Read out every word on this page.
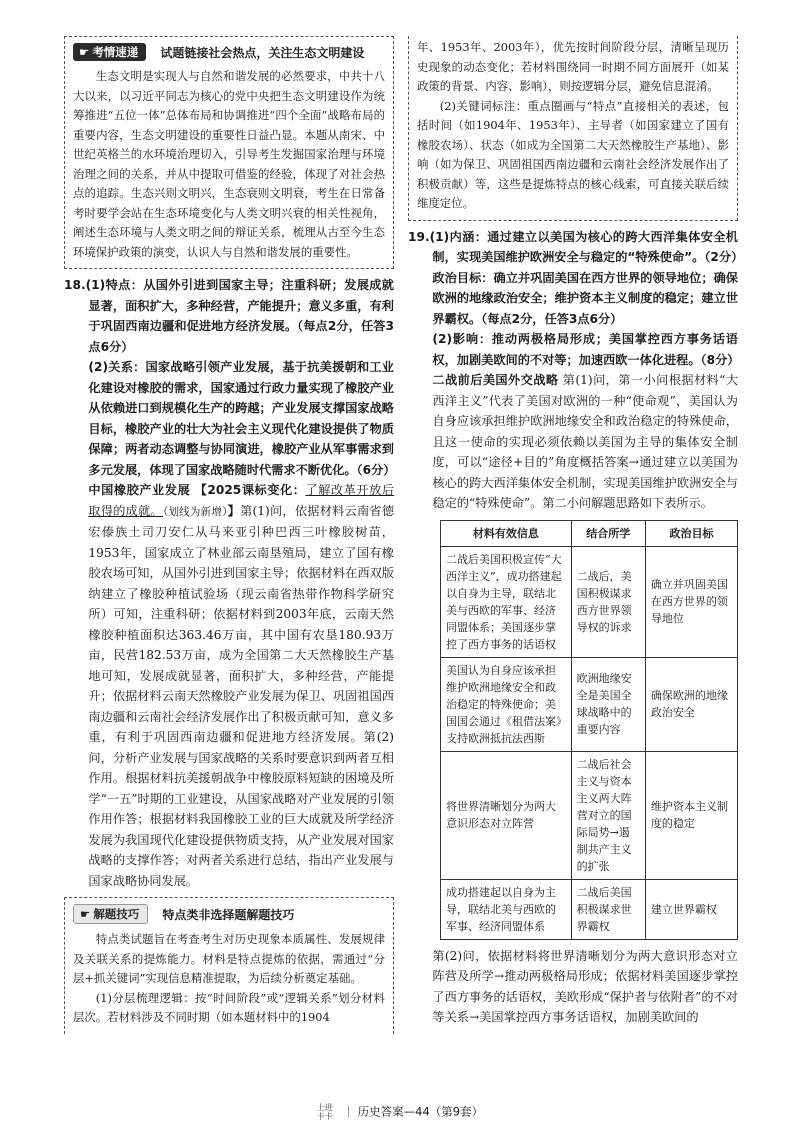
☛ 考情速递 试题链接社会热点，关注生态文明建设

生态文明是实现人与自然和谐发展的必然要求，中共十八大以来，以习近平同志为核心的党中央把生态文明建设作为统筹推进“五位一体”总体布局和协调推进“四个全面”战略布局的重要内容，生态文明建设的重要性日益凸显。本题从南宋、中世纪英格兰的水环境治理切入，引导考生发掘国家治理与环境治理之间的关系，并从中提取可借鉴的经验，体现了对社会热点的追踪。生态兴则文明兴，生态衰则文明衰，考生在日常备考时要学会站在生态环境变化与人类文明兴衰的相关性视角，阐述生态环境与人类文明之间的辩证关系，梳理从古至今生态环境保护政策的演变，认识人与自然和谐发展的重要性。

18.(1)特点：从国外引进到国家主导；注重科研；发展成就显著，面积扩大，多种经营，产能提升；意义多重，有利于巩固西南边疆和促进地方经济发展。（每点2分，任答3点6分）

(2)关系：国家战略引领产业发展，基于抗美援朝和工业化建设对橡胶的需求，国家通过行政力量实现了橡胶产业从依赖进口到规模化生产的跨越；产业发展支撑国家战略目标，橡胶产业的壮大为社会主义现代化建设提供了物质保障；两者动态调整与协同演进，橡胶产业从军事需求到多元发展，体现了国家战略随时代需求不断优化。（6分）

中国橡胶产业发展 【2025课标变化：了解改革开放后取得的成就。（划线为新增）】第(1)问，依据材料云南省德宏傣族土司刀安仁从马来亚引种巴西三叶橡胶树苗，1953年，国家成立了林业部云南垦殖局，建立了国有橡胶农场可知，从国外引进到国家主导；依据材料在西双版纳建立了橡胶种植试验场（现云南省热带作物科学研究所）可知，注重科研；依据材料到2003年底，云南天然橡胶种植面积达363.46万亩，其中国有农垦180.93万亩，民营182.53万亩，成为全国第二大天然橡胶生产基地可知，发展成就显著，面积扩大，多种经营，产能提升；依据材料云南天然橡胶产业发展为保卫、巩固祖国西南边疆和云南社会经济发展作出了积极贡献可知，意义多重，有利于巩固西南边疆和促进地方经济发展。第(2)问，分析产业发展与国家战略的关系时要意识到两者互相作用。根据材料抗美援朝战争中橡胶原料短缺的困境及所学“一五”时期的工业建设，从国家战略对产业发展的引领作用作答；根据材料我国橡胶工业的巨大成就及所学经济发展为我国现代化建设提供物质支持，从产业发展对国家战略的支撑作答；对两者关系进行总结，指出产业发展与国家战略协同发展。

☛ 解题技巧 特点类非选择题解题技巧

特点类试题旨在考查考生对历史现象本质属性、发展规律及关联关系的提炼能力。材料是特点提炼的依据，需通过“分层+抓关键词”实现信息精准提取，为后续分析奠定基础。

(1)分层梳理逻辑：按“时间阶段”或“逻辑关系”划分材料层次。若材料涉及不同时期（如本题材料中的1904

年、1953年、2003年），优先按时间阶段分层，清晰呈现历史现象的动态变化；若材料围绕同一时期不同方面展开（如某政策的背景、内容、影响），则按逻辑分层，避免信息混淆。

(2)关键词标注：重点圈画与“特点”直接相关的表述，包括时间（如1904年、1953年）、主导者（如国家建立了国有橡胶农场）、状态（如成为全国第二大天然橡胶生产基地）、影响（如为保卫、巩固祖国西南边疆和云南社会经济发展作出了积极贡献）等，这些是提炼特点的核心线索，可直接关联后续维度定位。

19.(1)内涵：通过建立以美国为核心的跨大西洋集体安全机制，实现美国维护欧洲安全与稳定的“特殊使命”。（2分）

政治目标：确立并巩固美国在西方世界的领导地位；确保欧洲的地缘政治安全；维护资本主义制度的稳定；建立世界霸权。（每点2分，任答3点6分）

(2)影响：推动两极格局形成；美国掌控西方事务话语权，加剧美欧间的不对等；加速西欧一体化进程。（8分）

二战前后美国外交战略 第(1)问，第一小问根据材料“大西洋主义”代表了美国对欧洲的一种“使命观”，美国认为自身应该承担维护欧洲地缘安全和政治稳定的特殊使命，且这一使命的实现必须依赖以美国为主导的集体安全制度，可以“途径+目的”角度概括答案→通过建立以美国为核心的跨大西洋集体安全机制，实现美国维护欧洲安全与稳定的“特殊使命”。第二小问解题思路如下表所示。

材料有效信息	结合所学	政治目标
二战后美国积极宣传“大西洋主义”，成功搭建起以自身为主导，联结北美与西欧的军事、经济同盟体系；美国逐步掌控了西方事务的话语权	二战后，美国积极谋求西方世界领导权的诉求	确立并巩固美国在西方世界的领导地位
美国认为自身应该承担维护欧洲地缘安全和政治稳定的特殊使命；美国国会通过《租借法案》支持欧洲抵抗法西斯	欧洲地缘安全是美国全球战略中的重要内容	确保欧洲的地缘政治安全
将世界清晰划分为两大意识形态对立阵营	二战后社会主义与资本主义两大阵营对立的国际局势→遏制共产主义的扩张	维护资本主义制度的稳定
成功搭建起以自身为主导，联结北美与西欧的军事、经济同盟体系	二战后美国积极谋求世界霸权	建立世界霸权

第(2)问，依据材料将世界清晰划分为两大意识形态对立阵营及所学→推动两极格局形成；依据材料美国逐步掌控了西方事务的话语权，美欧形成“保护者与依附者”的不对等关系→美国掌控西方事务话语权，加剧美欧间的

上进
卡卡 ｜ 历史答案—44（第9套）
